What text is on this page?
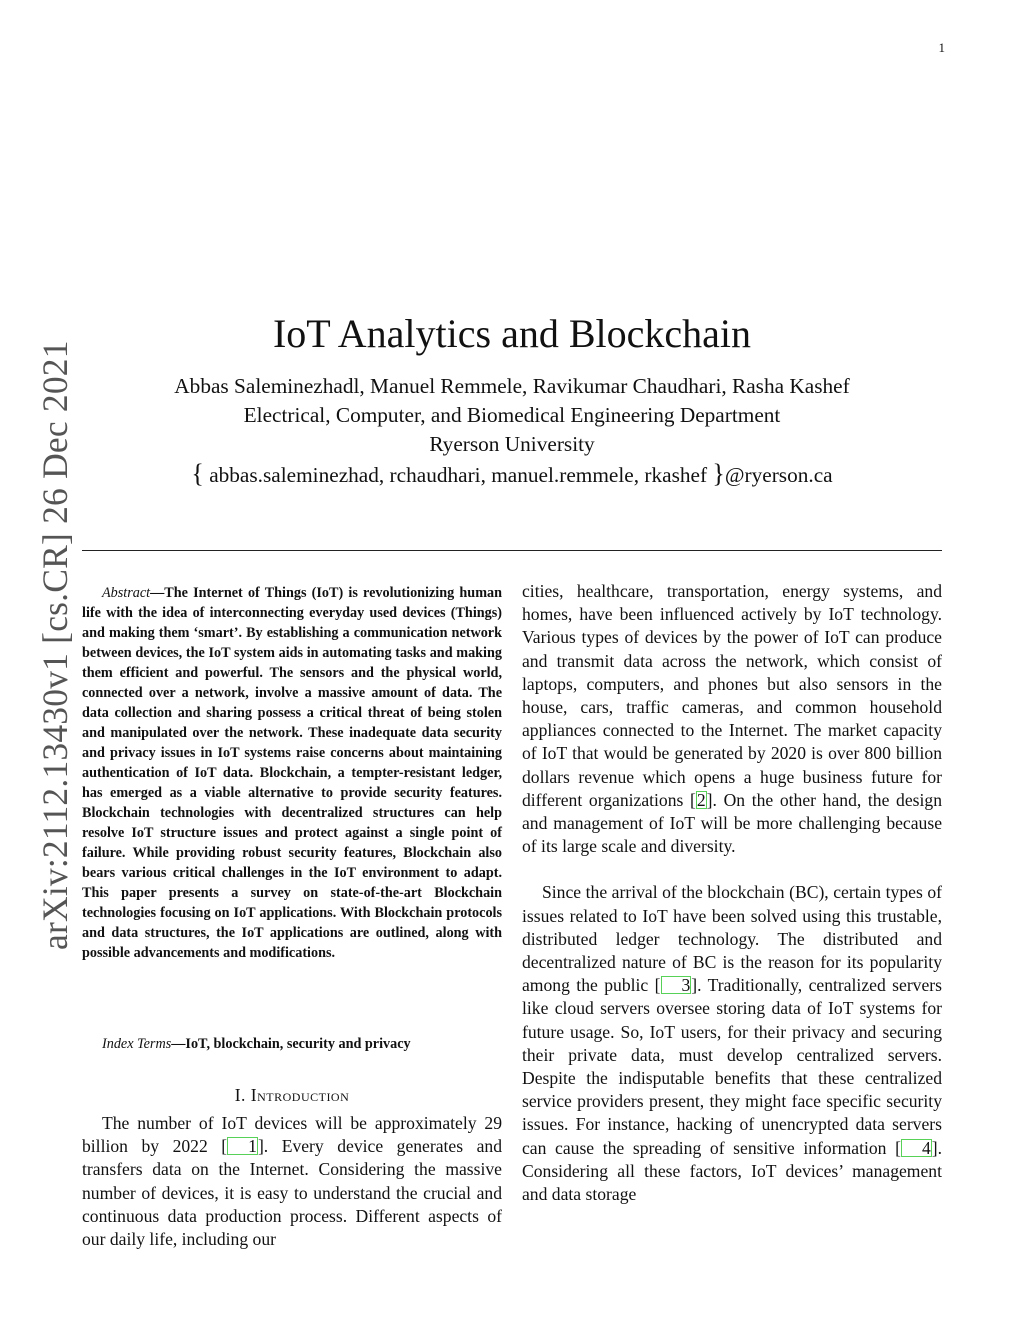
1
arXiv:2112.13430v1 [cs.CR] 26 Dec 2021
IoT Analytics and Blockchain
Abbas Saleminezhadl, Manuel Remmele, Ravikumar Chaudhari, Rasha Kashef
Electrical, Computer, and Biomedical Engineering Department
Ryerson University
{ abbas.saleminezhad, rchaudhari, manuel.remmele, rkashef }@ryerson.ca

Abstract—The Internet of Things (IoT) is revolutionizing human life with the idea of interconnecting everyday used devices (Things) and making them ‘smart’. By establishing a communication network between devices, the IoT system aids in automating tasks and making them efficient and powerful. The sensors and the physical world, connected over a network, involve a massive amount of data. The data collection and sharing possess a critical threat of being stolen and manipulated over the network. These inadequate data security and privacy issues in IoT systems raise concerns about maintaining authentication of IoT data. Blockchain, a tempter-resistant ledger, has emerged as a viable alternative to provide security features. Blockchain technologies with decentralized structures can help resolve IoT structure issues and protect against a single point of failure. While providing robust security features, Blockchain also bears various critical challenges in the IoT environment to adapt. This paper presents a survey on state-of-the-art Blockchain technologies focusing on IoT applications. With Blockchain protocols and data structures, the IoT applications are outlined, along with possible advancements and modifications.

Index Terms—IoT, blockchain, security and privacy
I. Introduction

The number of IoT devices will be approximately 29 billion by 2022 [ 1]. Every device generates and transfers data on the Internet. Considering the massive number of devices, it is easy to understand the crucial and continuous data production process. Different aspects of our daily life, including our

cities, healthcare, transportation, energy systems, and homes, have been influenced actively by IoT technology. Various types of devices by the power of IoT can produce and transmit data across the network, which consist of laptops, computers, and phones but also sensors in the house, cars, traffic cameras, and common household appliances connected to the Internet. The market capacity of IoT that would be generated by 2020 is over 800 billion dollars revenue which opens a huge business future for different organizations [2]. On the other hand, the design and management of IoT will be more challenging because of its large scale and diversity.

Since the arrival of the blockchain (BC), certain types of issues related to IoT have been solved using this trustable, distributed ledger technology. The distributed and decentralized nature of BC is the reason for its popularity among the public [ 3]. Traditionally, centralized servers like cloud servers oversee storing data of IoT systems for future usage. So, IoT users, for their privacy and securing their private data, must develop centralized servers. Despite the indisputable benefits that these centralized service providers present, they might face specific security issues. For instance, hacking of unencrypted data servers can cause the spreading of sensitive information [ 4]. Considering all these factors, IoT devices’ management and data storage
